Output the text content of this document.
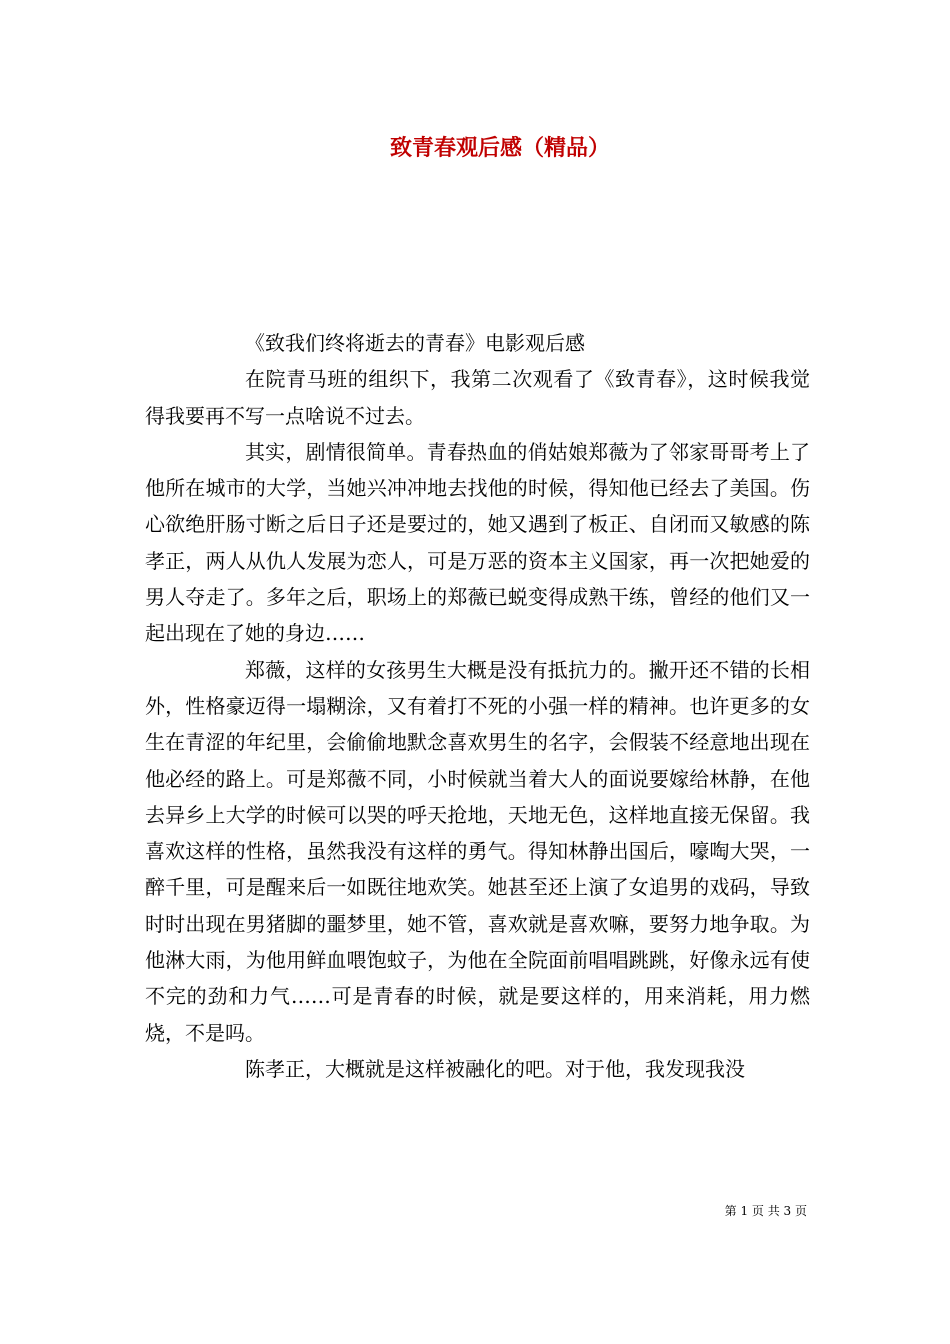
致青春观后感（精品）

《致我们终将逝去的青春》电影观后感

在院青马班的组织下，我第二次观看了《致青春》，这时候我觉得我要再不写一点啥说不过去。

其实，剧情很简单。青春热血的俏姑娘郑薇为了邻家哥哥考上了他所在城市的大学，当她兴冲冲地去找他的时候，得知他已经去了美国。伤心欲绝肝肠寸断之后日子还是要过的，她又遇到了板正、自闭而又敏感的陈孝正，两人从仇人发展为恋人，可是万恶的资本主义国家，再一次把她爱的男人夺走了。多年之后，职场上的郑薇已蜕变得成熟干练，曾经的他们又一起出现在了她的身边……

郑薇，这样的女孩男生大概是没有抵抗力的。撇开还不错的长相外，性格豪迈得一塌糊涂，又有着打不死的小强一样的精神。也许更多的女生在青涩的年纪里，会偷偷地默念喜欢男生的名字，会假装不经意地出现在他必经的路上。可是郑薇不同，小时候就当着大人的面说要嫁给林静，在他去异乡上大学的时候可以哭的呼天抢地，天地无色，这样地直接无保留。我喜欢这样的性格，虽然我没有这样的勇气。得知林静出国后，嚎啕大哭，一醉千里，可是醒来后一如既往地欢笑。她甚至还上演了女追男的戏码，导致时时出现在男猪脚的噩梦里，她不管，喜欢就是喜欢嘛，要努力地争取。为他淋大雨，为他用鲜血喂饱蚊子，为他在全院面前唱唱跳跳，好像永远有使不完的劲和力气……可是青春的时候，就是要这样的，用来消耗，用力燃烧，不是吗。

陈孝正，大概就是这样被融化的吧。对于他，我发现我没

第 1 页 共 3 页
